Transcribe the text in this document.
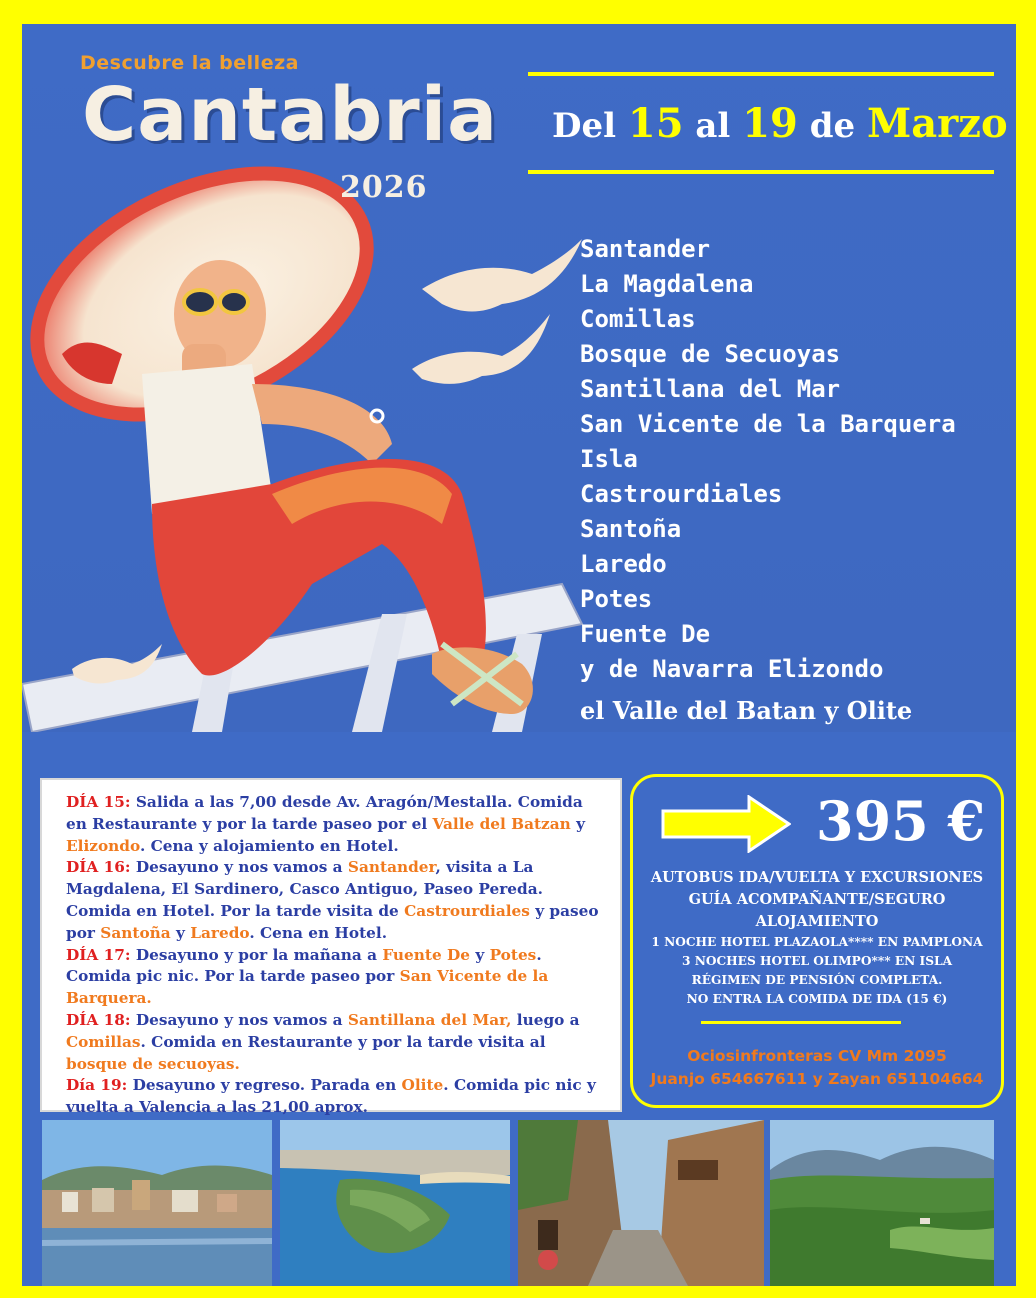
Descubre la belleza
Cantabria
2026
Del 15 al 19 de Marzo
Santander
La Magdalena
Comillas
Bosque de Secuoyas
Santillana del Mar
San Vicente de la Barquera
Isla
Castrourdiales
Santoña
Laredo
Potes
Fuente De
y de Navarra Elizondo
el Valle del Batan y Olite

DÍA 15: Salida a las 7,00 desde Av. Aragón/Mestalla. Comida en Restaurante y por la tarde paseo por el Valle del Batzan y Elizondo. Cena y alojamiento en Hotel.

DÍA 16: Desayuno y nos vamos a Santander, visita a La Magdalena, El Sardinero, Casco Antiguo, Paseo Pereda. Comida en Hotel. Por la tarde visita de Castrourdiales y paseo por Santoña y Laredo. Cena en Hotel.

DÍA 17: Desayuno y por la mañana a Fuente De y Potes. Comida pic nic. Por la tarde paseo por San Vicente de la Barquera.

DÍA 18: Desayuno y nos vamos a Santillana del Mar, luego a Comillas. Comida en Restaurante y por la tarde visita al bosque de secuoyas.

Día 19: Desayuno y regreso. Parada en Olite. Comida pic nic y vuelta a Valencia a las 21,00 aprox.

395 €
AUTOBUS IDA/VUELTA Y EXCURSIONES
GUÍA ACOMPAÑANTE/SEGURO
ALOJAMIENTO
1 NOCHE HOTEL PLAZAOLA**** EN PAMPLONA
3 NOCHES HOTEL OLIMPO*** EN ISLA
RÉGIMEN DE PENSIÓN COMPLETA.
NO ENTRA LA COMIDA DE IDA (15 €)
Ociosinfronteras CV Mm 2095
Juanjo 654667611 y Zayan 651104664
